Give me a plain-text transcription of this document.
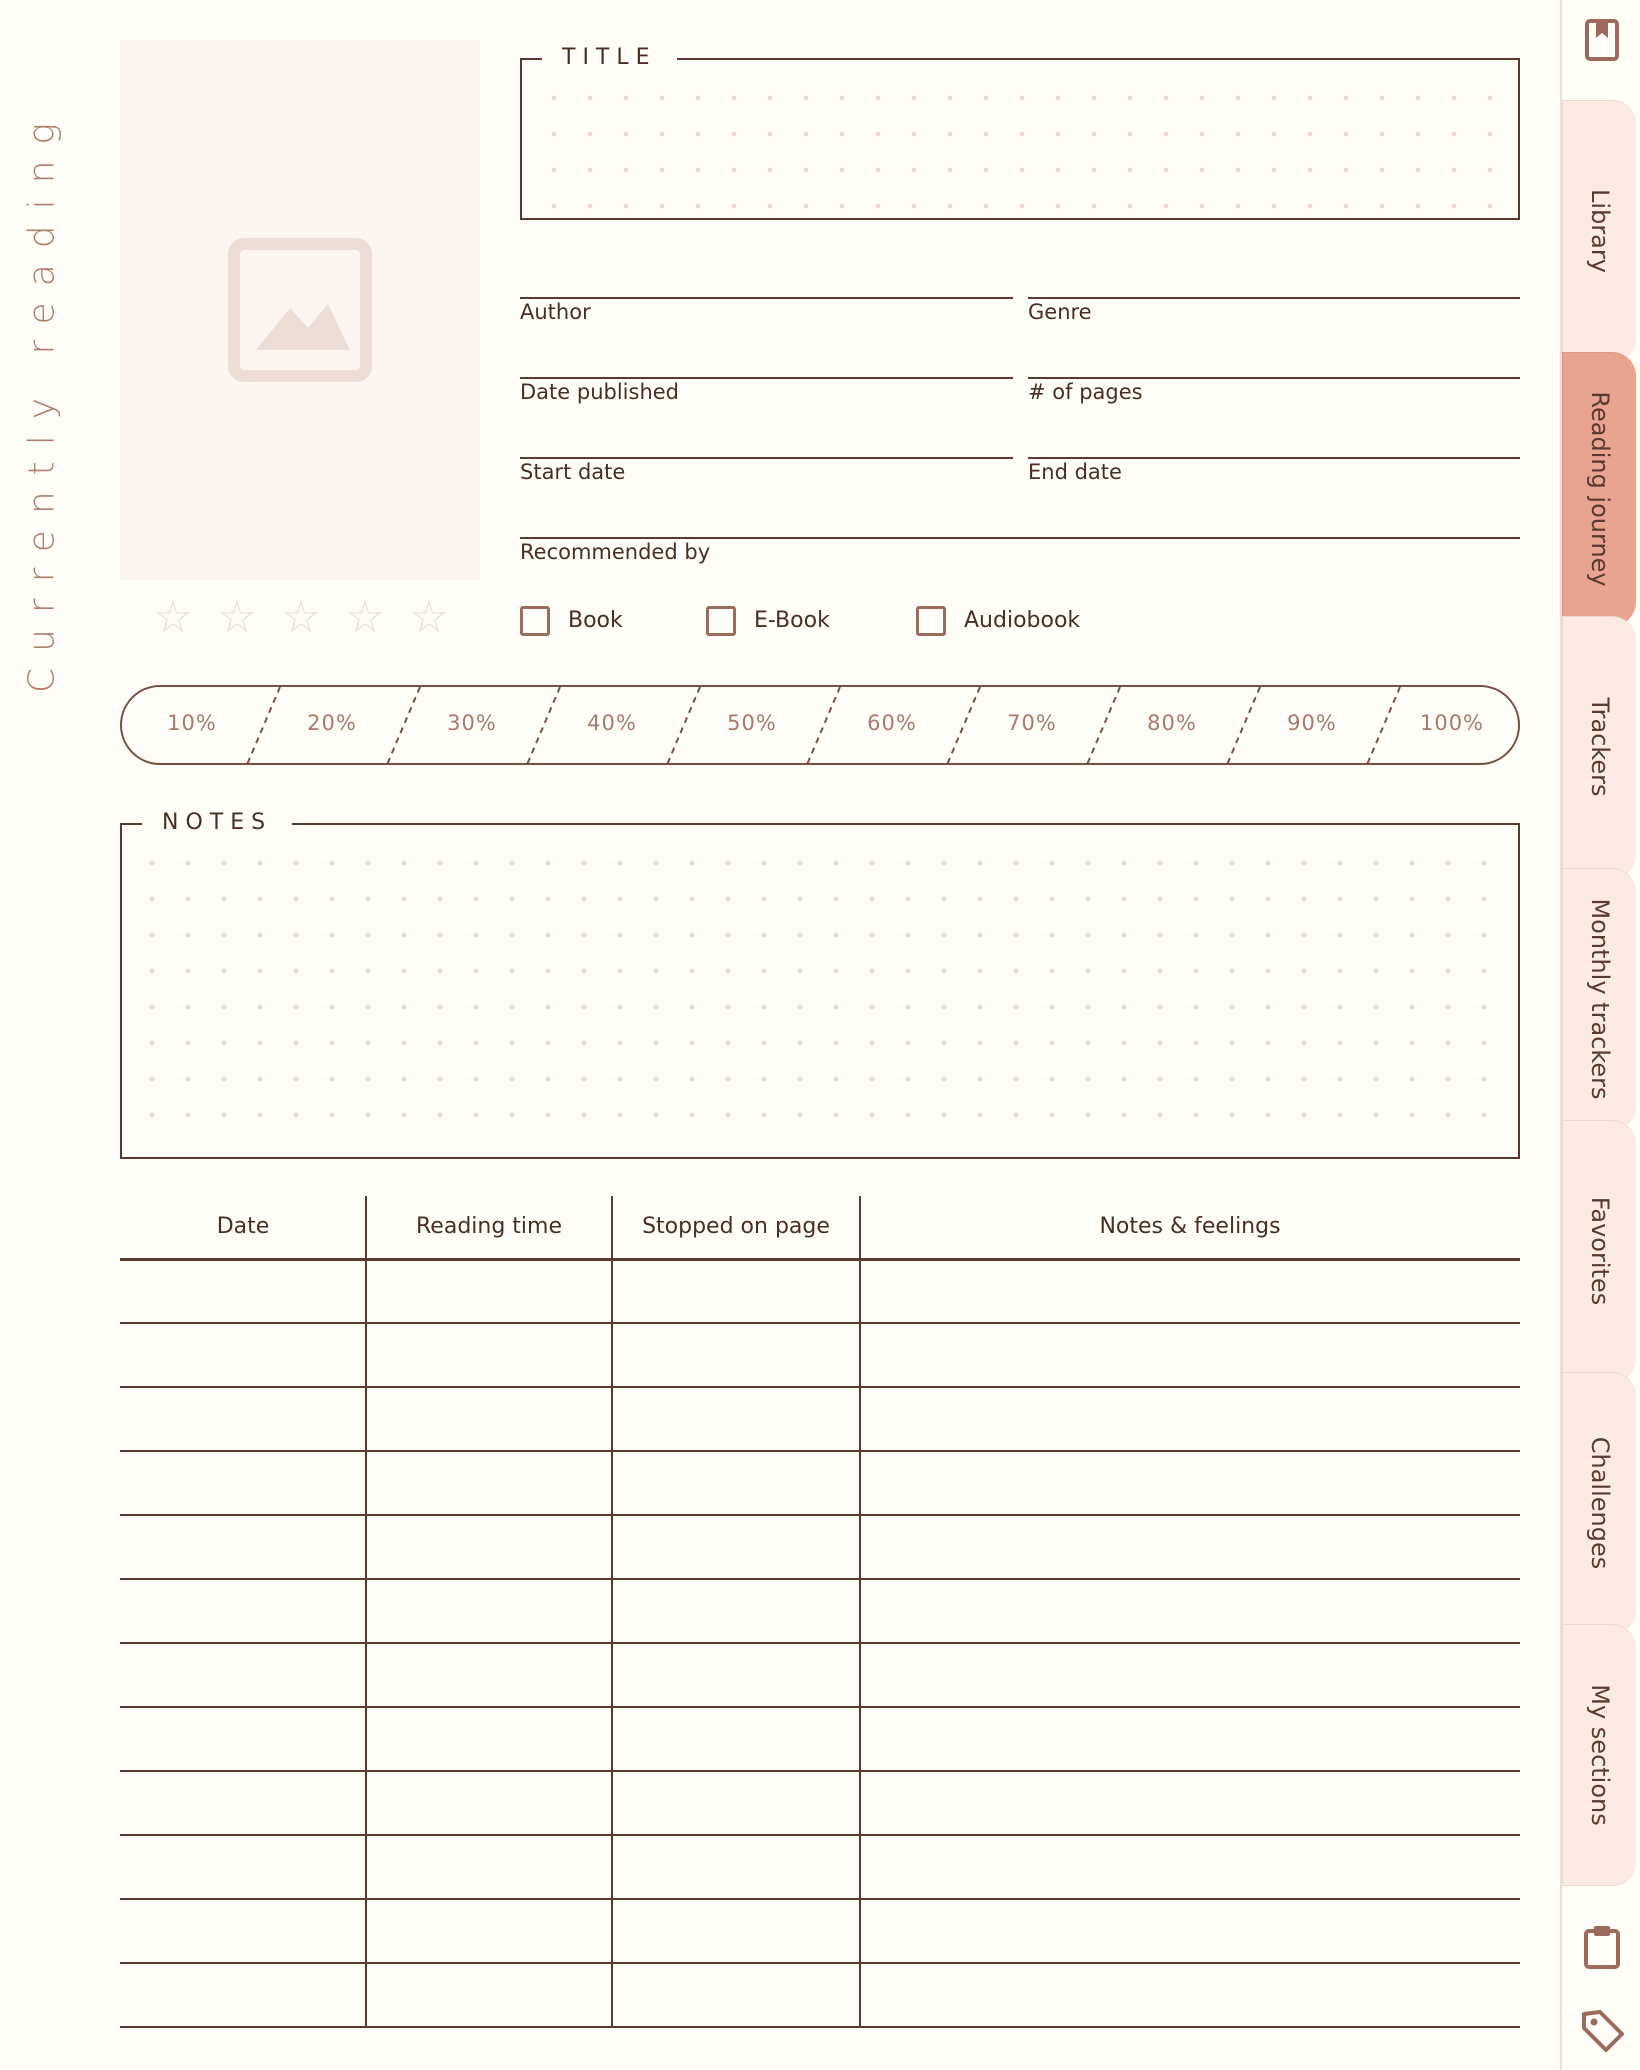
Currently reading ☆ ☆ ☆ ☆ ☆
TITLE
Author	Genre
Date published	# of pages
Start date	End date
Recommended by
Book	E-Book	Audiobook
10%	20%	30%	40%	50%	60%	70%	80%	90%	100%
NOTES
Date	Reading time	Stopped on page	Notes & feelings
Library
Reading journey
Trackers
Monthly trackers
Favorites
Challenges
My sections
